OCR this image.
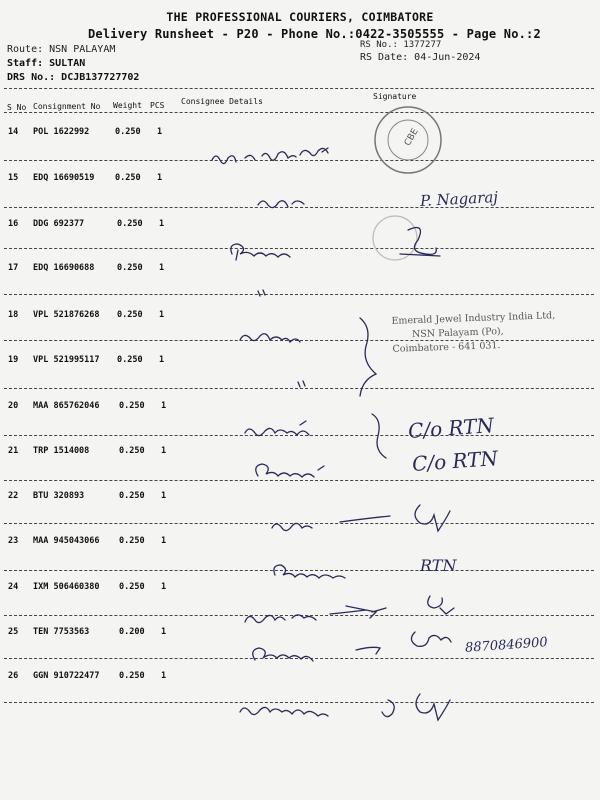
THE PROFESSIONAL COURIERS, COIMBATORE
Delivery Runsheet - P20 - Phone No.:0422-3505555 - Page No.:2
Route: NSN PALAYAM
Staff: SULTAN
DRS No.: DCJB137727702
RS No.: 1377277
RS Date: 04-Jun-2024
S No Consignment No Weight PCS Consignee Details
Signature
14 POL 1622992	0.250 1
15 EDQ 16690519 0.250 1
16 DDG 692377	0.250 1
17 EDQ 16690688	0.250 1
18 VPL 521876268 0.250 1
19 VPL 521995117 0.250 1
20 MAA 865762046 0.250 1
21 TRP 1514008	0.250 1
22 BTU 320893	0.250 1
23 MAA 945043066 0.250 1
24 IXM 506460380 0.250 1
25 TEN 7753563	0.200 1
26 GGN 910722477 0.250 1
CBE
Emerald Jewel Industry India Ltd,
NSN Palayam (Po),
Coimbatore - 641 031.
P. Nagaraj
C/o RTN
C/o RTN
RTN
8870846900
